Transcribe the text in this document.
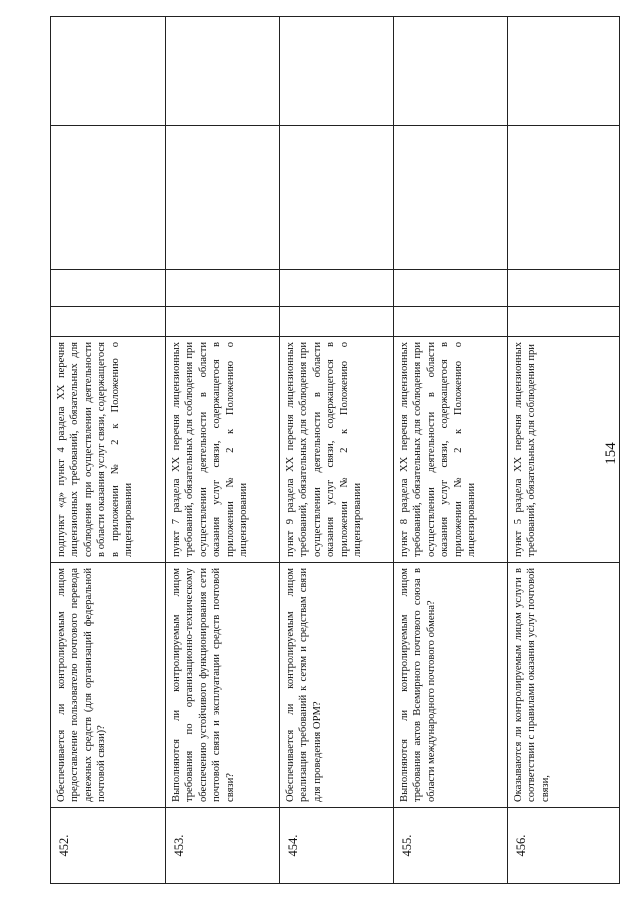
154
452.
Обеспечивается ли контролируемым лицом предоставление пользователю почтового перевода денежных средств (для организаций федеральной почтовой связи)?
подпункт «д» пункт 4 раздела XX перечня лицензионных требований, обязательных для соблюдения при осуществлении деятельности в области оказания услуг связи, содержащегося в приложении № 2 к Положению о лицензировании
453.
Выполняются ли контролируемым лицом требования по организационно-техническому обеспечению устойчивого функционирования сети почтовой связи и эксплуатации средств почтовой связи?
пункт 7 раздела XX перечня лицензионных требований, обязательных для соблюдения при осуществлении деятельности в области оказания услуг связи, содержащегося в приложении № 2 к Положению о лицензировании
454.
Обеспечивается ли контролируемым лицом реализация требований к сетям и средствам связи для проведения ОРМ?
пункт 9 раздела XX перечня лицензионных требований, обязательных для соблюдения при осуществлении деятельности в области оказания услуг связи, содержащегося в приложении № 2 к Положению о лицензировании
455.
Выполняются ли контролируемым лицом требования актов Всемирного почтового союза в области международного почтового обмена?
пункт 8 раздела XX перечня лицензионных требований, обязательных для соблюдения при осуществлении деятельности в области оказания услуг связи, содержащегося в приложении № 2 к Положению о лицензировании
456.
Оказываются ли контролируемым лицом услуги в соответствии с правилами оказания услуг почтовой связи,
пункт 5 раздела XX перечня лицензионных требований, обязательных для соблюдения при
